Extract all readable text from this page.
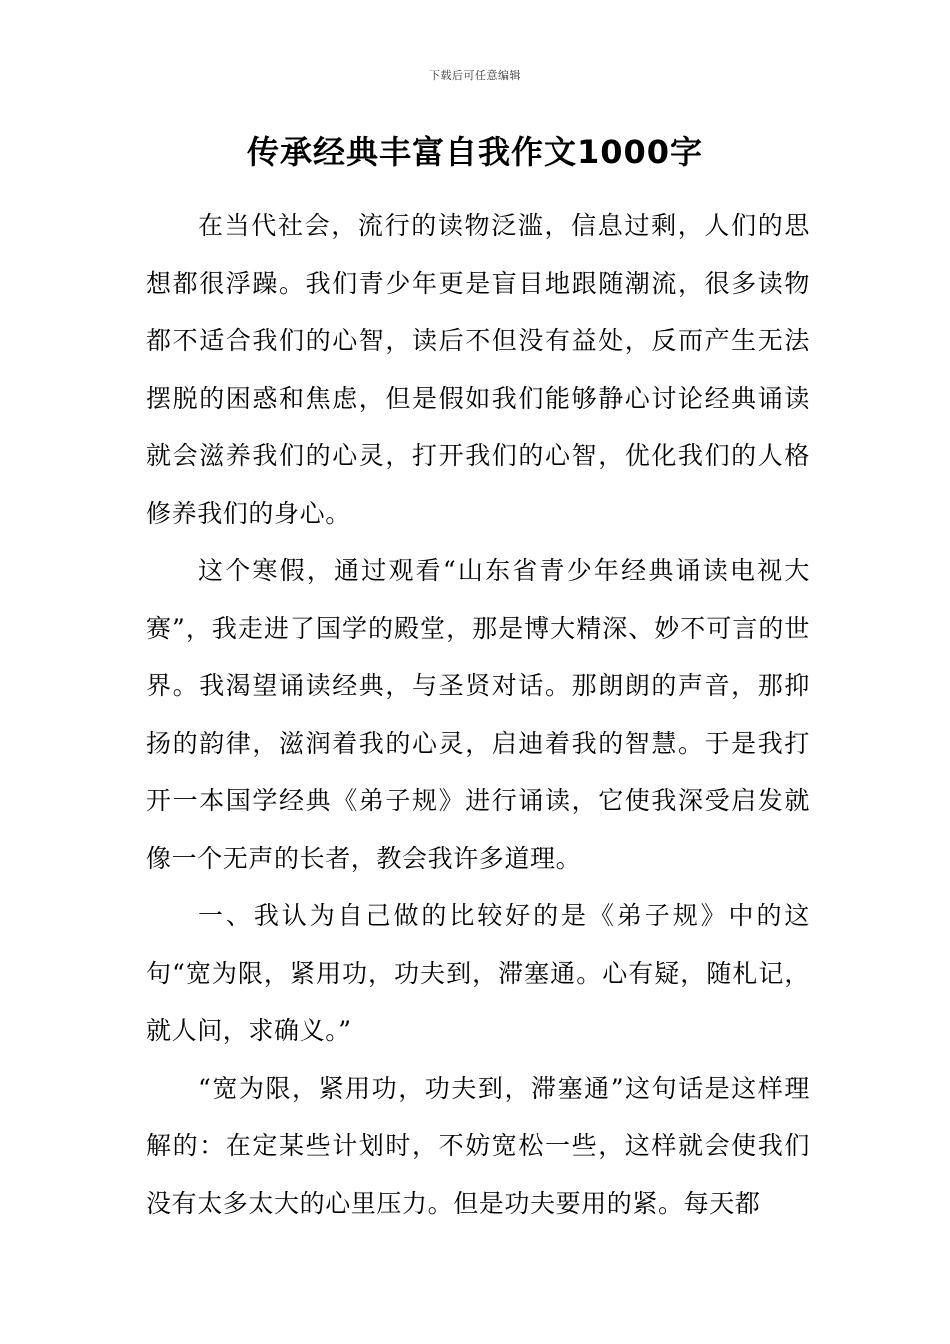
下载后可任意编辑
传承经典丰富自我作文1000字

在当代社会，流行的读物泛滥，信息过剩，人们的思想都很浮躁。我们青少年更是盲目地跟随潮流，很多读物都不适合我们的心智，读后不但没有益处，反而产生无法摆脱的困惑和焦虑，但是假如我们能够静心讨论经典诵读就会滋养我们的心灵，打开我们的心智，优化我们的人格修养我们的身心。

这个寒假，通过观看“山东省青少年经典诵读电视大赛”，我走进了国学的殿堂，那是博大精深、妙不可言的世界。我渴望诵读经典，与圣贤对话。那朗朗的声音，那抑扬的韵律，滋润着我的心灵，启迪着我的智慧。于是我打开一本国学经典《弟子规》进行诵读，它使我深受启发就像一个无声的长者，教会我许多道理。

一、我认为自己做的比较好的是《弟子规》中的这句“宽为限，紧用功，功夫到，滞塞通。心有疑，随札记，就人问，求确义。”

“宽为限，紧用功，功夫到，滞塞通”这句话是这样理解的：在定某些计划时，不妨宽松一些，这样就会使我们没有太多太大的心里压力。但是功夫要用的紧。每天都
